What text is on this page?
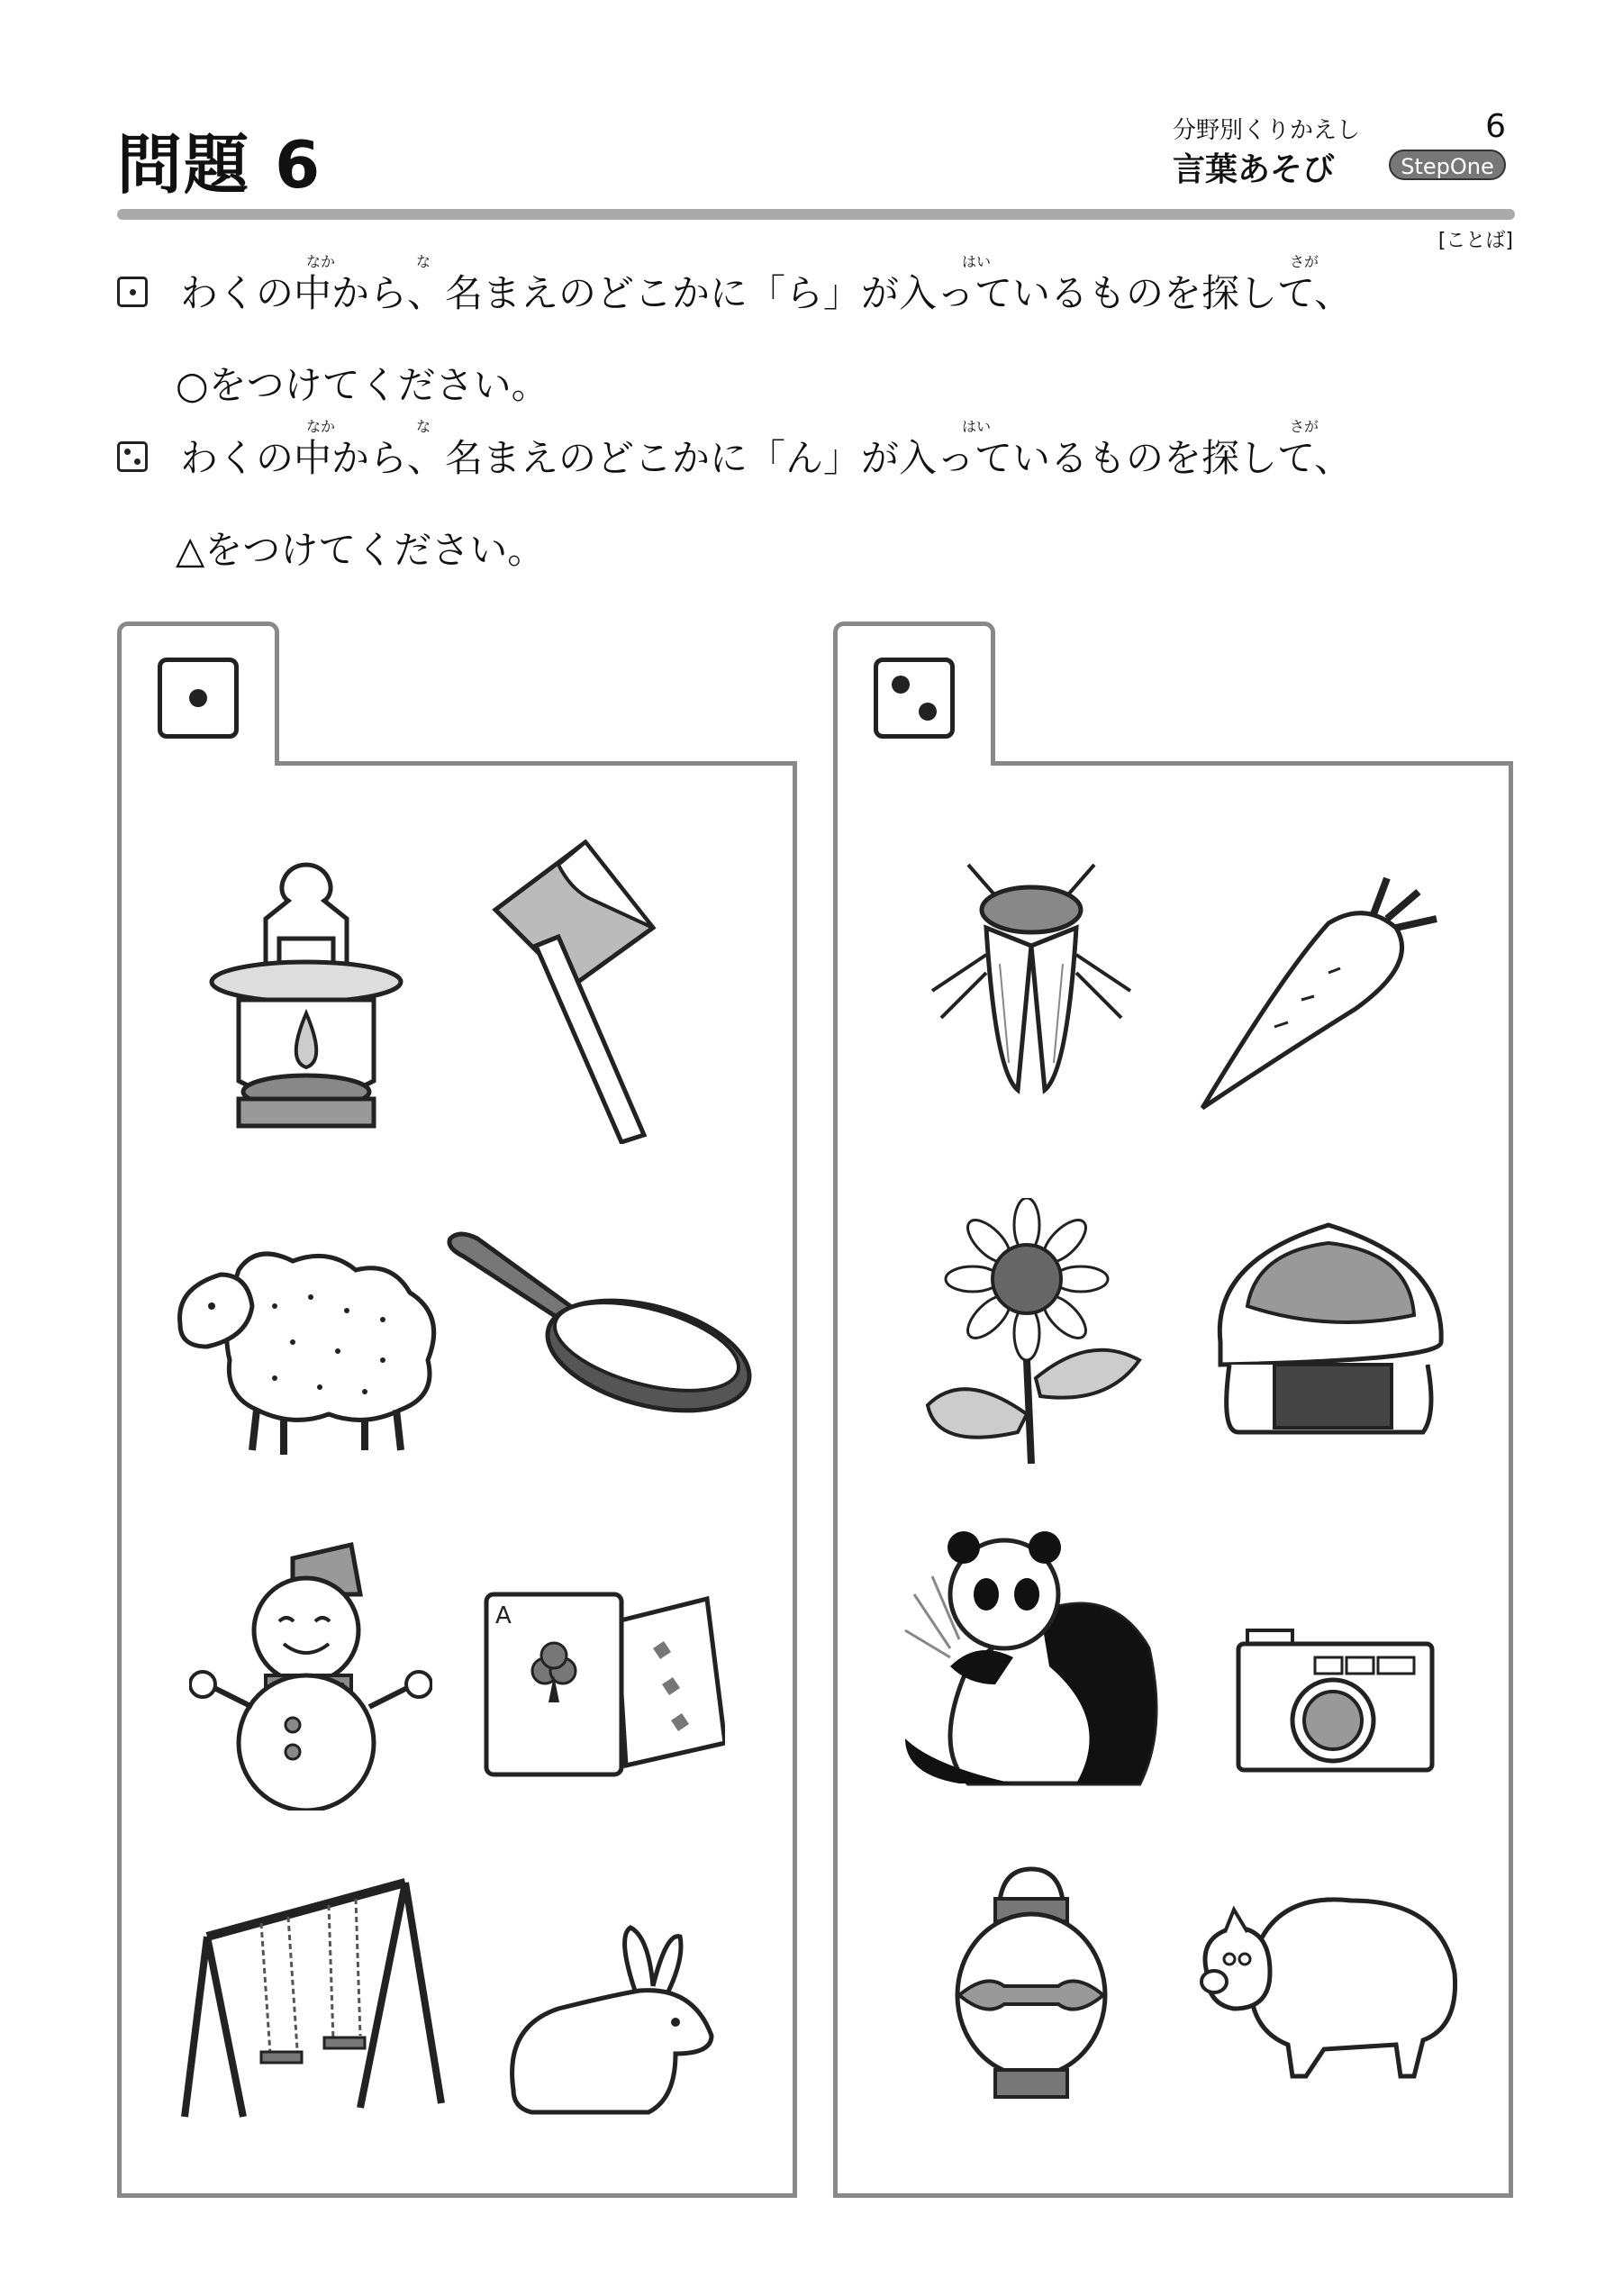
問題 6	分野別くりかえし	6
言葉あそび	StepOne
[ことば]
なか	な	はい	さが
わくの中から、名まえのどこかに「ら」が入っているものを探して、
○をつけてください。
なか	な	はい	さが
わくの中から、名まえのどこかに「ん」が入っているものを探して、
△をつけてください。
A
